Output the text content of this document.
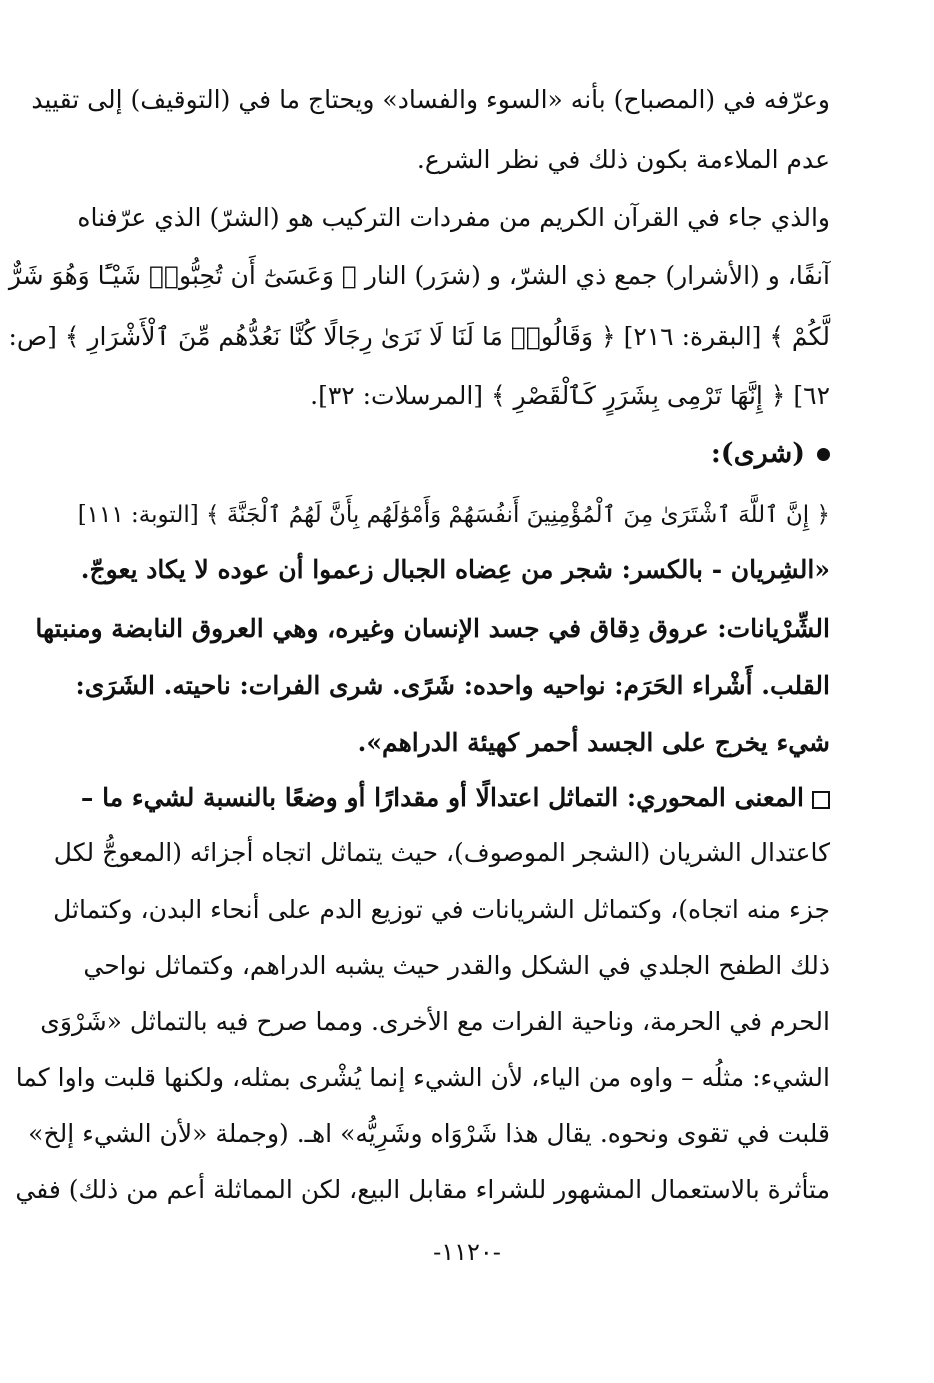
وعرّفه في (المصباح) بأنه «السوء والفساد» ويحتاج ما في (التوقيف) إلى تقييد
عدم الملاءمة بكون ذلك في نظر الشرع.
والذي جاء في القرآن الكريم من مفردات التركيب هو (الشرّ) الذي عرّفناه
آنفًا، و (الأشرار) جمع ذي الشرّ، و (شرَر) النار ﴿ وَعَسَىٰٓ أَن تُحِبُّوا۟ شَيْـًٔا وَهُوَ شَرٌّ
لَّكُمْ ﴾ [البقرة: ٢١٦] ﴿ وَقَالُوا۟ مَا لَنَا لَا نَرَىٰ رِجَالًا كُنَّا نَعُدُّهُم مِّنَ ٱلْأَشْرَارِ ﴾ [ص:
٦٢] ﴿ إِنَّهَا تَرْمِى بِشَرَرٍ كَٱلْقَصْرِ ﴾ [المرسلات: ٣٢].
(شرى):
﴿ إِنَّ ٱللَّهَ ٱشْتَرَىٰ مِنَ ٱلْمُؤْمِنِينَ أَنفُسَهُمْ وَأَمْوَٰلَهُم بِأَنَّ لَهُمُ ٱلْجَنَّةَ ﴾ [التوبة: ١١١]
«الشِريان - بالكسر: شجر من عِضاه الجبال زعموا أن عوده لا يكاد يعوجّ.
الشِّرْيانات: عروق دِقاق في جسد الإنسان وغيره، وهي العروق النابضة ومنبتها
القلب. أَشْراء الحَرَم: نواحيه واحده: شَرًى. شرى الفرات: ناحيته. الشَرَى:
شيء يخرج على الجسد أحمر كهيئة الدراهم».
المعنى المحوري: التماثل اعتدالًا أو مقدارًا أو وضعًا بالنسبة لشيء ما –
كاعتدال الشريان (الشجر الموصوف)، حيث يتماثل اتجاه أجزائه (المعوجُّ لكل
جزء منه اتجاه)، وكتماثل الشريانات في توزيع الدم على أنحاء البدن، وكتماثل
ذلك الطفح الجلدي في الشكل والقدر حيث يشبه الدراهم، وكتماثل نواحي
الحرم في الحرمة، وناحية الفرات مع الأخرى. ومما صرح فيه بالتماثل «شَرْوَى
الشيء: مثلُه – واوه من الياء، لأن الشيء إنما يُشْرى بمثله، ولكنها قلبت واوا كما
قلبت في تقوى ونحوه. يقال هذا شَرْوَاه وشَرِيُّه» اهـ. (وجملة «لأن الشيء إلخ»
متأثرة بالاستعمال المشهور للشراء مقابل البيع، لكن المماثلة أعم من ذلك) ففي
-١١٢٠-
